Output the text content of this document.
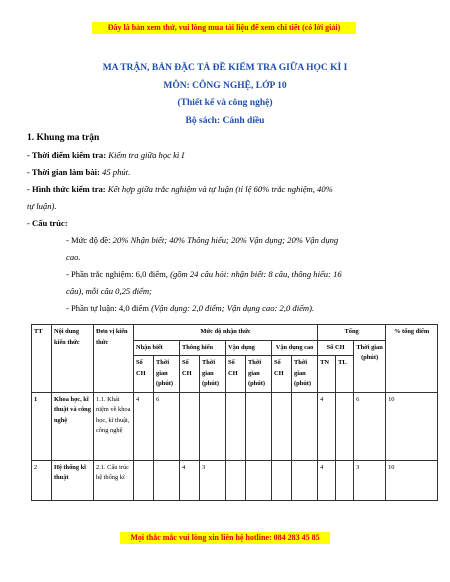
Đây là bản xem thử, vui lòng mua tài liệu để xem chi tiết (có lời giải)
MA TRẬN, BẢN ĐẶC TẢ ĐỀ KIỂM TRA GIỮA HỌC KÌ I
MÔN: CÔNG NGHỆ, LỚP 10
(Thiết kế và công nghệ)
Bộ sách: Cánh diều

1. Khung ma trận

- Thời điểm kiểm tra: Kiểm tra giữa học kì I

- Thời gian làm bài: 45 phút.

- Hình thức kiểm tra: Kết hợp giữa trắc nghiệm và tự luận (tỉ lệ 60% trắc nghiệm, 40%

tự luận).

- Cấu trúc:

- Mức độ đề: 20% Nhận biết; 40% Thông hiểu; 20% Vận dụng; 20% Vận dụng

cao.

- Phần trắc nghiệm: 6,0 điểm, (gồm 24 câu hỏi: nhận biết: 8 câu, thông hiểu: 16

câu), mỗi câu 0,25 điểm;

- Phần tự luận: 4,0 điểm (Vận dụng: 2,0 điểm; Vận dụng cao: 2,0 điểm).

TT	Nội dung kiến thức	Đơn vị kiến thức	Mức độ nhận thức								Tổng			% tổng điểm
			Nhận biết		Thông hiểu		Vận dụng		Vận dụng cao		Số CH		Thời gian (phút)	
			Số CH	Thời gian (phút)	Số CH	Thời gian (phút)	Số CH	Thời gian (phút)	Số CH	Thời gian (phút)	TN	TL		
1	Khoa học, kĩ thuật và công nghệ	1.1. Khái niệm về khoa học, kĩ thuật, công nghệ	4	6							4		6	10
2	Hệ thống kĩ thuật	2.1. Cấu trúc hệ thống kĩ			4	3					4		3	10
Mọi thắc mắc vui lòng xin liên hệ hotline: 084 283 45 85
